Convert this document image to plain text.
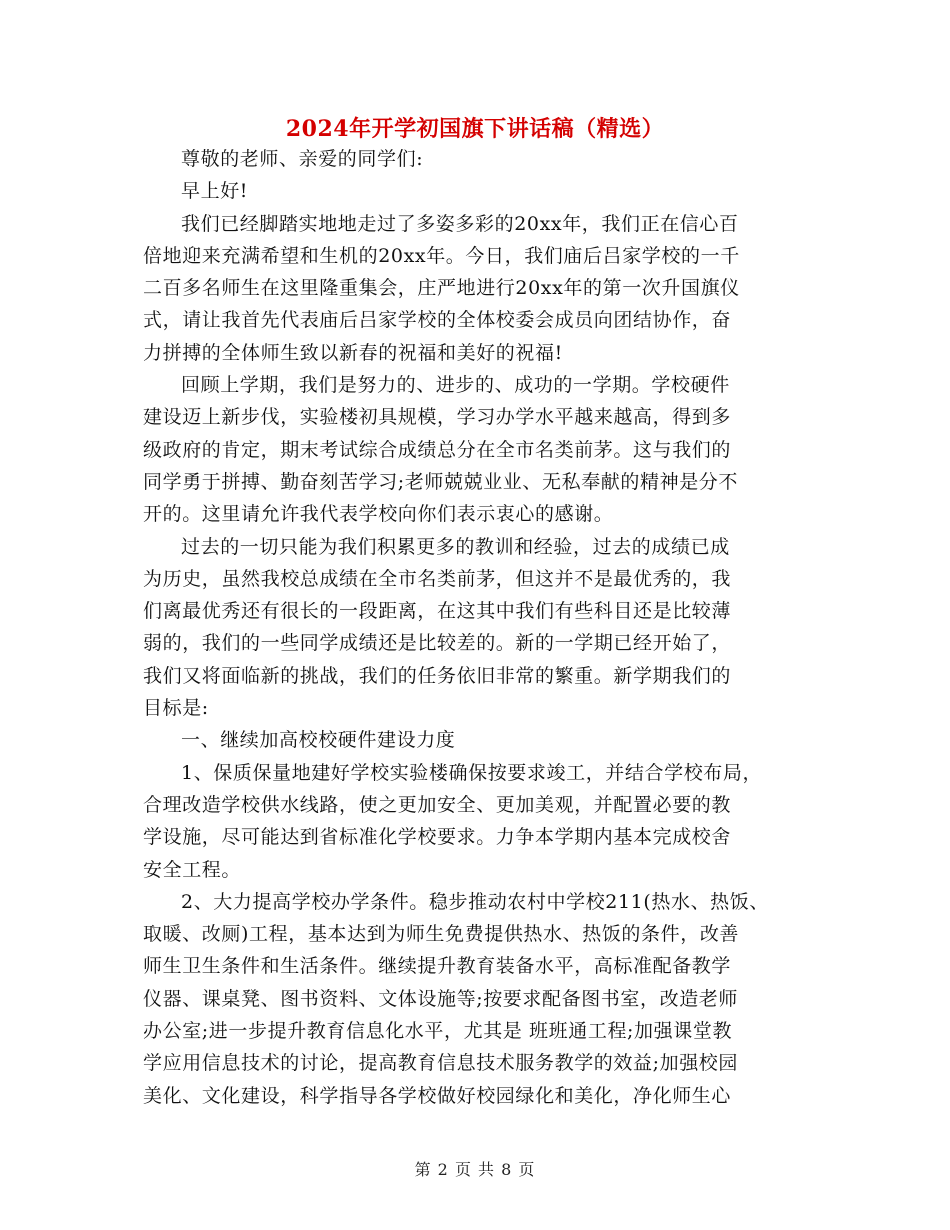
2024年开学初国旗下讲话稿（精选）
尊敬的老师、亲爱的同学们:
早上好!
我们已经脚踏实地地走过了多姿多彩的20xx年，我们正在信心百
倍地迎来充满希望和生机的20xx年。今日，我们庙后吕家学校的一千
二百多名师生在这里隆重集会，庄严地进行20xx年的第一次升国旗仪
式，请让我首先代表庙后吕家学校的全体校委会成员向团结协作，奋
力拼搏的全体师生致以新春的祝福和美好的祝福!
回顾上学期，我们是努力的、进步的、成功的一学期。学校硬件
建设迈上新步伐，实验楼初具规模，学习办学水平越来越高，得到多
级政府的肯定，期末考试综合成绩总分在全市名类前茅。这与我们的
同学勇于拼搏、勤奋刻苦学习;老师兢兢业业、无私奉献的精神是分不
开的。这里请允许我代表学校向你们表示衷心的感谢。
过去的一切只能为我们积累更多的教训和经验，过去的成绩已成
为历史，虽然我校总成绩在全市名类前茅，但这并不是最优秀的，我
们离最优秀还有很长的一段距离，在这其中我们有些科目还是比较薄
弱的，我们的一些同学成绩还是比较差的。新的一学期已经开始了，
我们又将面临新的挑战，我们的任务依旧非常的繁重。新学期我们的
目标是:
一、继续加高校校硬件建设力度
1、保质保量地建好学校实验楼确保按要求竣工，并结合学校布局，
合理改造学校供水线路，使之更加安全、更加美观，并配置必要的教
学设施，尽可能达到省标准化学校要求。力争本学期内基本完成校舍
安全工程。
2、大力提高学校办学条件。稳步推动农村中学校211(热水、热饭、
取暖、改厕)工程，基本达到为师生免费提供热水、热饭的条件，改善
师生卫生条件和生活条件。继续提升教育装备水平，高标准配备教学
仪器、课桌凳、图书资料、文体设施等;按要求配备图书室，改造老师
办公室;进一步提升教育信息化水平，尤其是 班班通工程;加强课堂教
学应用信息技术的讨论，提高教育信息技术服务教学的效益;加强校园
美化、文化建设，科学指导各学校做好校园绿化和美化，净化师生心
第 2 页 共 8 页
